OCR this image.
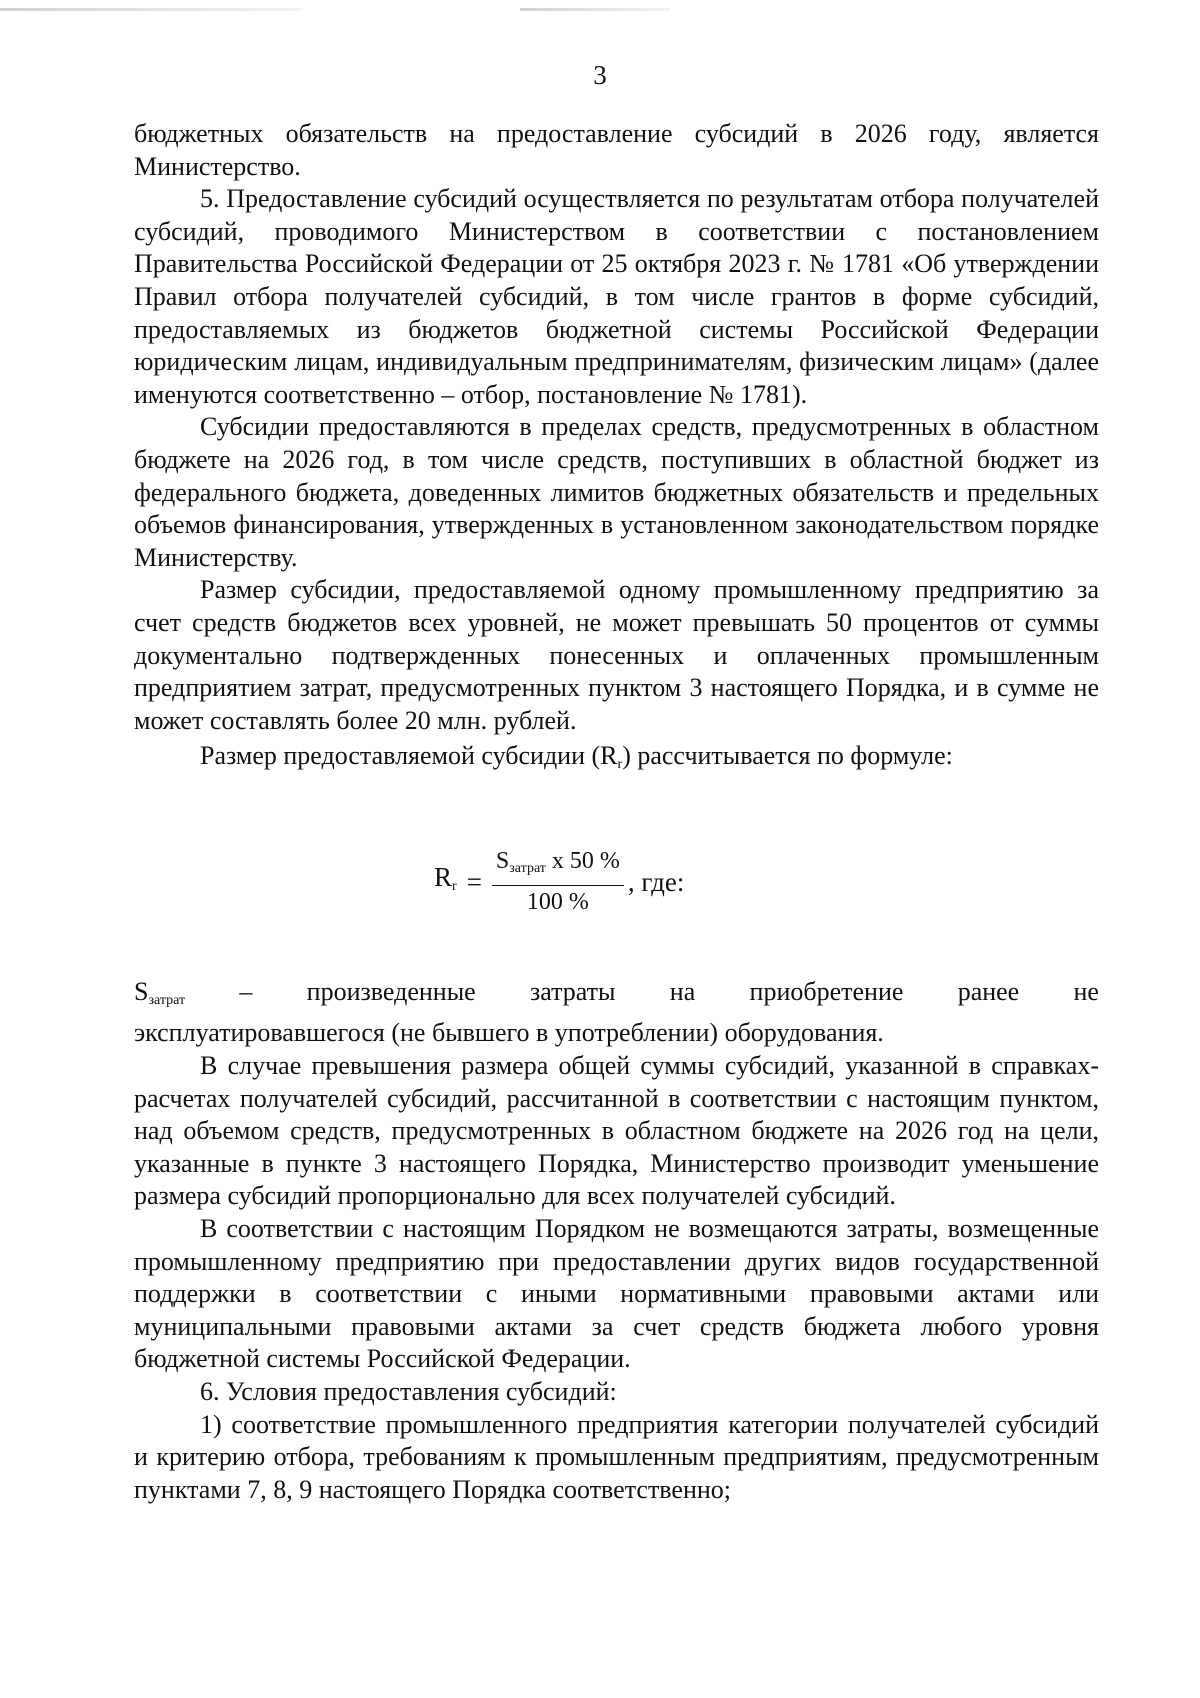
3

бюджетных обязательств на предоставление субсидий в 2026 году, является Министерство.

5. Предоставление субсидий осуществляется по результатам отбора получателей субсидий, проводимого Министерством в соответствии с постановлением Правительства Российской Федерации от 25 октября 2023 г. № 1781 «Об утверждении Правил отбора получателей субсидий, в том числе грантов в форме субсидий, предоставляемых из бюджетов бюджетной системы Российской Федерации юридическим лицам, индивидуальным предпринимателям, физическим лицам» (далее именуются соответственно – отбор, постановление № 1781).

Субсидии предоставляются в пределах средств, предусмотренных в областном бюджете на 2026 год, в том числе средств, поступивших в областной бюджет из федерального бюджета, доведенных лимитов бюджетных обязательств и предельных объемов финансирования, утвержденных в установленном законодательством порядке Министерству.

Размер субсидии, предоставляемой одному промышленному предприятию за счет средств бюджетов всех уровней, не может превышать 50 процентов от суммы документально подтвержденных понесенных и оплаченных промышленным предприятием затрат, предусмотренных пунктом 3 настоящего Порядка, и в сумме не может составлять более 20 млн. рублей.

Размер предоставляемой субсидии $(R_r)$ рассчитывается по формуле:

$R_r = \frac{S_{затрат} x 50 \%}{100 \%}$ , где:
$S_{затрат}$ – произведенные затраты на приобретение ранее не

эксплуатировавшегося (не бывшего в употреблении) оборудования.

В случае превышения размера общей суммы субсидий, указанной в справках-расчетах получателей субсидий, рассчитанной в соответствии с настоящим пунктом, над объемом средств, предусмотренных в областном бюджете на 2026 год на цели, указанные в пункте 3 настоящего Порядка, Министерство производит уменьшение размера субсидий пропорционально для всех получателей субсидий.

В соответствии с настоящим Порядком не возмещаются затраты, возмещенные промышленному предприятию при предоставлении других видов государственной поддержки в соответствии с иными нормативными правовыми актами или муниципальными правовыми актами за счет средств бюджета любого уровня бюджетной системы Российской Федерации.

6. Условия предоставления субсидий:

1) соответствие промышленного предприятия категории получателей субсидий и критерию отбора, требованиям к промышленным предприятиям, предусмотренным пунктами 7, 8, 9 настоящего Порядка соответственно;
